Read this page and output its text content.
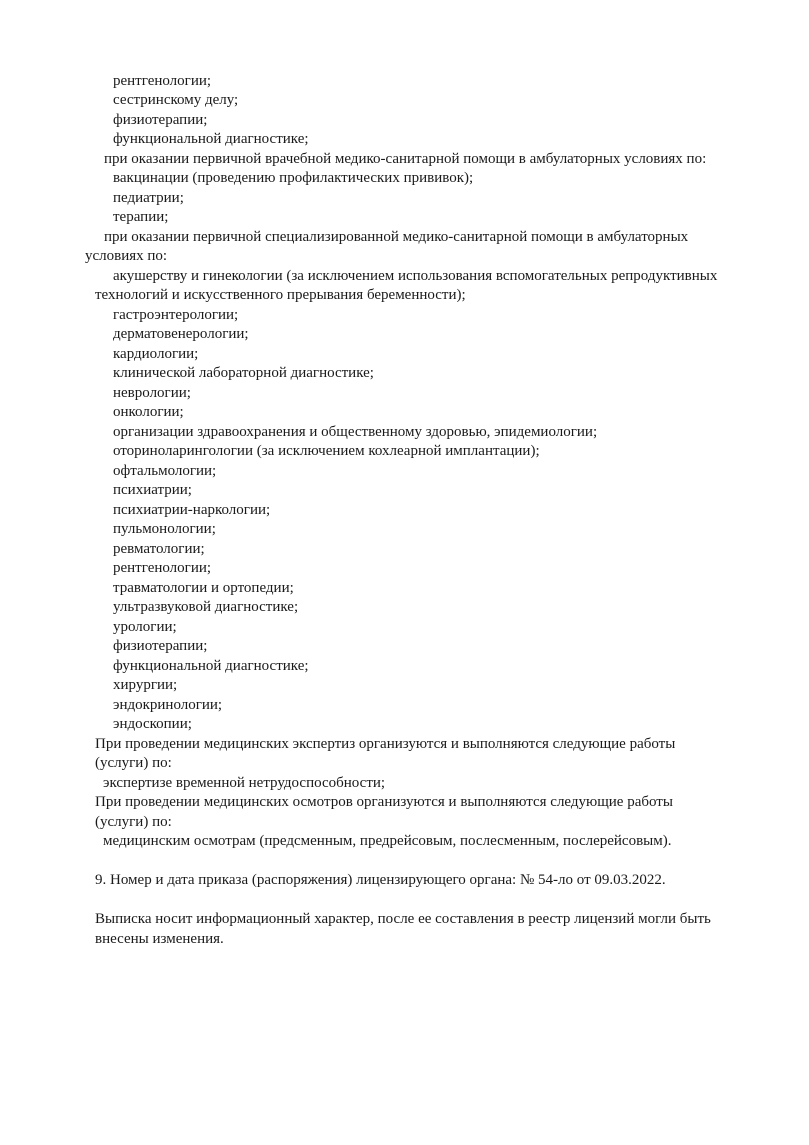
рентгенологии;
сестринскому делу;
физиотерапии;
функциональной диагностике;
при оказании первичной врачебной медико-санитарной помощи в амбулаторных условиях по:
вакцинации (проведению профилактических прививок);
педиатрии;
терапии;
при оказании первичной специализированной медико-санитарной помощи в амбулаторных
условиях по:
акушерству и гинекологии (за исключением использования вспомогательных репродуктивных
технологий и искусственного прерывания беременности);
гастроэнтерологии;
дерматовенерологии;
кардиологии;
клинической лабораторной диагностике;
неврологии;
онкологии;
организации здравоохранения и общественному здоровью, эпидемиологии;
оториноларингологии (за исключением кохлеарной имплантации);
офтальмологии;
психиатрии;
психиатрии-наркологии;
пульмонологии;
ревматологии;
рентгенологии;
травматологии и ортопедии;
ультразвуковой диагностике;
урологии;
физиотерапии;
функциональной диагностике;
хирургии;
эндокринологии;
эндоскопии;
При проведении медицинских экспертиз организуются и выполняются следующие работы
(услуги) по:
экспертизе временной нетрудоспособности;
При проведении медицинских осмотров организуются и выполняются следующие работы
(услуги) по:
медицинским осмотрам (предсменным, предрейсовым, послесменным, послерейсовым).
9. Номер и дата приказа (распоряжения) лицензирующего органа: № 54-ло от 09.03.2022.
Выписка носит информационный характер, после ее составления в реестр лицензий могли быть
внесены изменения.
